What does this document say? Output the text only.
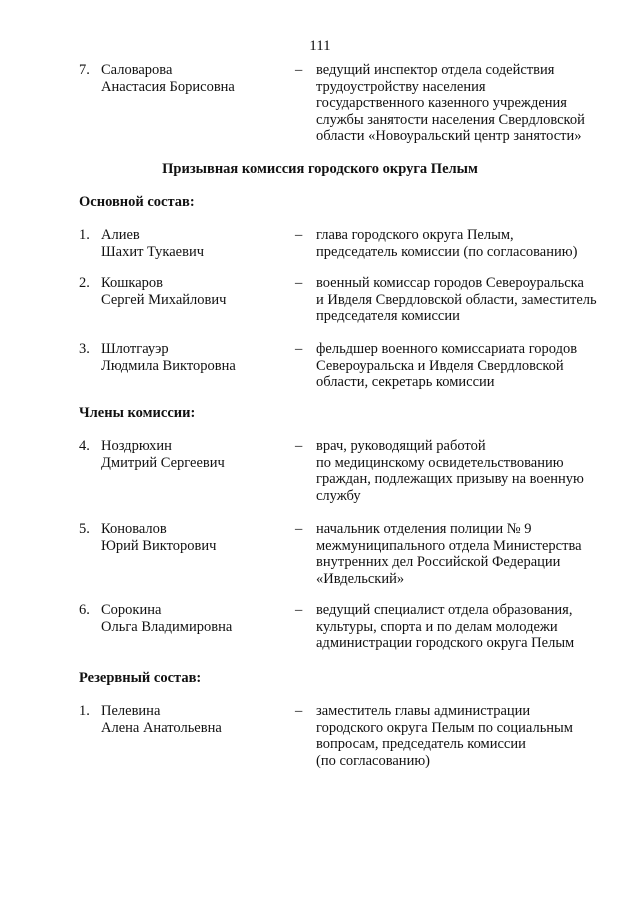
111
7. Саловарова
Анастасия Борисовна
– ведущий инспектор отдела содействия
трудоустройству населения
государственного казенного учреждения
службы занятости населения Свердловской
области «Новоуральский центр занятости»
Призывная комиссия городского округа Пелым
Основной состав:
1. Алиев
Шахит Тукаевич
– глава городского округа Пелым,
председатель комиссии (по согласованию)
2. Кошкаров
Сергей Михайлович
– военный комиссар городов Североуральска
и Ивделя Свердловской области, заместитель
председателя комиссии
3. Шлотгауэр
Людмила Викторовна
– фельдшер военного комиссариата городов
Североуральска и Ивделя Свердловской
области, секретарь комиссии
Члены комиссии:
4. Ноздрюхин
Дмитрий Сергеевич
– врач, руководящий работой
по медицинскому освидетельствованию
граждан, подлежащих призыву на военную
службу
5. Коновалов
Юрий Викторович
– начальник отделения полиции № 9
межмуниципального отдела Министерства
внутренних дел Российской Федерации
«Ивдельский»
6. Сорокина
Ольга Владимировна
– ведущий специалист отдела образования,
культуры, спорта и по делам молодежи
администрации городского округа Пелым
Резервный состав:
1. Пелевина
Алена Анатольевна
– заместитель главы администрации
городского округа Пелым по социальным
вопросам, председатель комиссии
(по согласованию)
